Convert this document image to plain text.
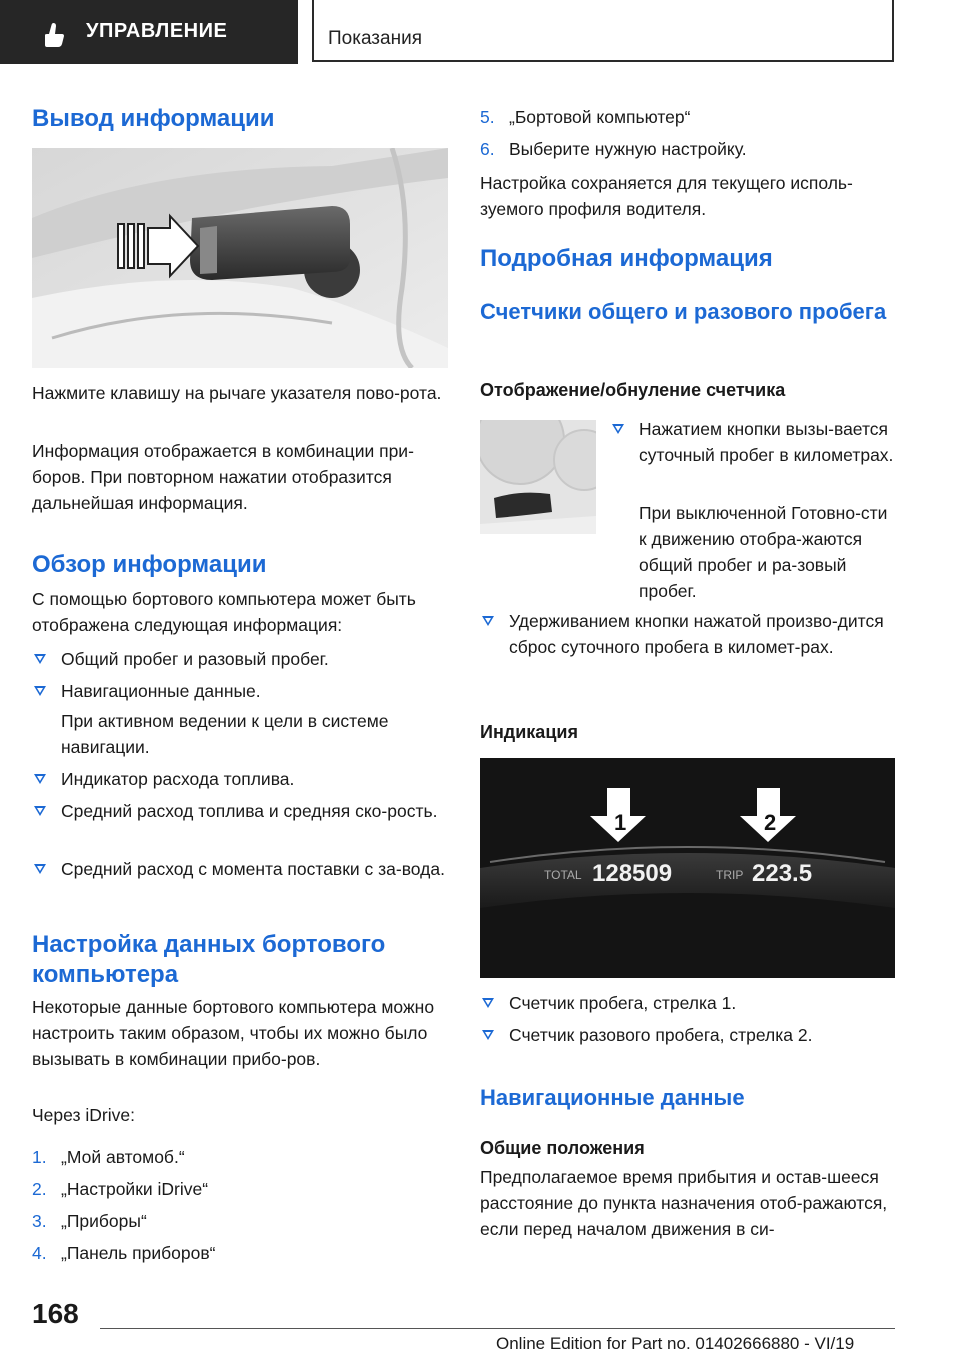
УПРАВЛЕНИЕ	Показания
Вывод информации

Нажмите клавишу на рычаге указателя пово-рота.

Информация отображается в комбинации при-боров. При повторном нажатии отобразится дальнейшая информация.

Обзор информации

С помощью бортового компьютера может быть отображена следующая информация:

Общий пробег и разовый пробег.
Навигационные данные.
При активном ведении к цели в системе навигации.
Индикатор расхода топлива.
Средний расход топлива и средняя ско-рость.
Средний расход с момента поставки с за-вода.
Настройка данных бортового компьютера

Некоторые данные бортового компьютера можно настроить таким образом, чтобы их можно было вызывать в комбинации прибо-ров.

Через iDrive:

1. „Мой автомоб.“
2. „Настройки iDrive“
3. „Приборы“
4. „Панель приборов“
5. „Бортовой компьютер“
6. Выберите нужную настройку.

Настройка сохраняется для текущего исполь-зуемого профиля водителя.

Подробная информация
Счетчики общего и разового пробега
Отображение/обнуление счетчика
Нажатием кнопки вызы-вается суточный пробег в километрах.
При выключенной Готовно-сти к движению отобра-жаются общий пробег и ра-зовый пробег.
Удерживанием кнопки нажатой произво-дится сброс суточного пробега в километ-рах.
Индикация
1	2
TOTAL 128509	TRIP 223.5
Счетчик пробега, стрелка 1.
Счетчик разового пробега, стрелка 2.
Навигационные данные
Общие положения

Предполагаемое время прибытия и остав-шееся расстояние до пункта назначения отоб-ражаются, если перед началом движения в си-

168
Online Edition for Part no. 01402666880 - VI/19
